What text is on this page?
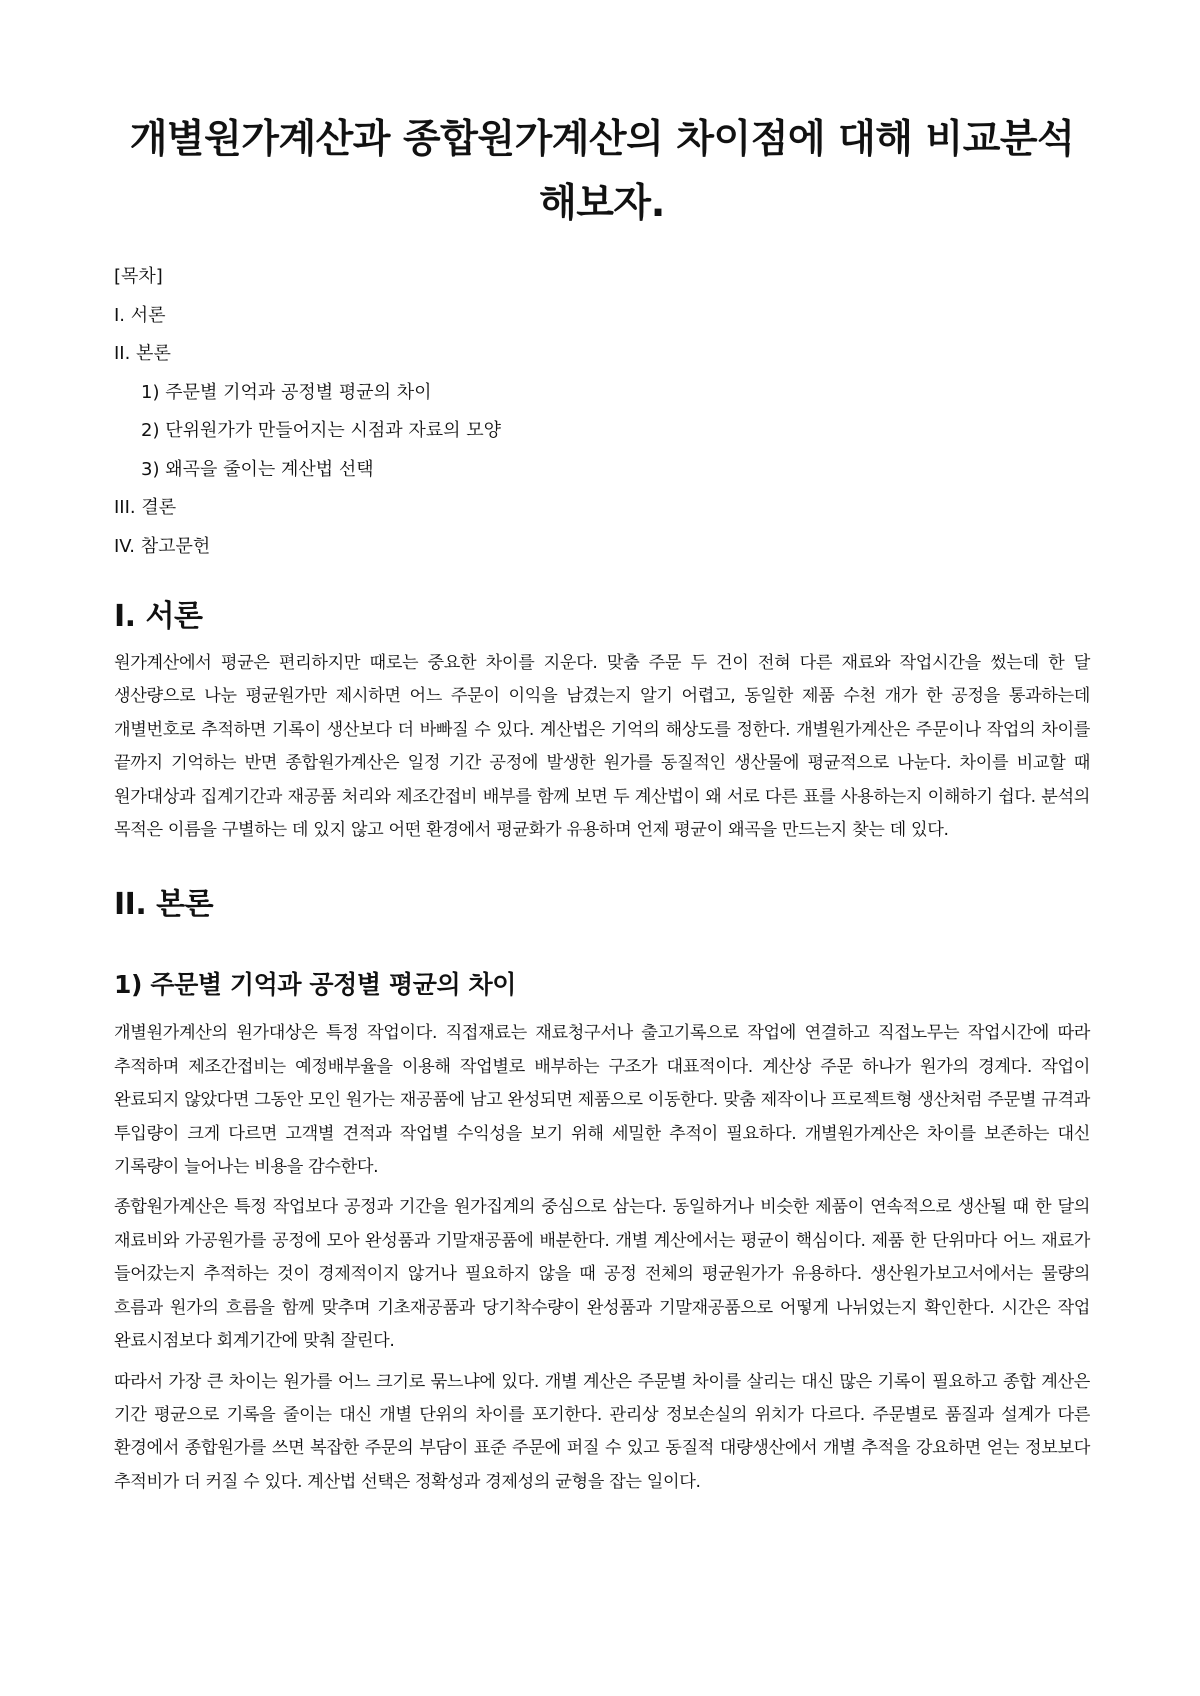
개별원가계산과 종합원가계산의 차이점에 대해 비교분석해보자.
[목차]
I. 서론
II. 본론
1) 주문별 기억과 공정별 평균의 차이
2) 단위원가가 만들어지는 시점과 자료의 모양
3) 왜곡을 줄이는 계산법 선택
III. 결론
IV. 참고문헌
I. 서론

원가계산에서 평균은 편리하지만 때로는 중요한 차이를 지운다. 맞춤 주문 두 건이 전혀 다른 재료와 작업시간을 썼는데 한 달 생산량으로 나눈 평균원가만 제시하면 어느 주문이 이익을 남겼는지 알기 어렵고, 동일한 제품 수천 개가 한 공정을 통과하는데 개별번호로 추적하면 기록이 생산보다 더 바빠질 수 있다. 계산법은 기억의 해상도를 정한다. 개별원가계산은 주문이나 작업의 차이를 끝까지 기억하는 반면 종합원가계산은 일정 기간 공정에 발생한 원가를 동질적인 생산물에 평균적으로 나눈다. 차이를 비교할 때 원가대상과 집계기간과 재공품 처리와 제조간접비 배부를 함께 보면 두 계산법이 왜 서로 다른 표를 사용하는지 이해하기 쉽다. 분석의 목적은 이름을 구별하는 데 있지 않고 어떤 환경에서 평균화가 유용하며 언제 평균이 왜곡을 만드는지 찾는 데 있다.

II. 본론
1) 주문별 기억과 공정별 평균의 차이

개별원가계산의 원가대상은 특정 작업이다. 직접재료는 재료청구서나 출고기록으로 작업에 연결하고 직접노무는 작업시간에 따라 추적하며 제조간접비는 예정배부율을 이용해 작업별로 배부하는 구조가 대표적이다. 계산상 주문 하나가 원가의 경계다. 작업이 완료되지 않았다면 그동안 모인 원가는 재공품에 남고 완성되면 제품으로 이동한다. 맞춤 제작이나 프로젝트형 생산처럼 주문별 규격과 투입량이 크게 다르면 고객별 견적과 작업별 수익성을 보기 위해 세밀한 추적이 필요하다. 개별원가계산은 차이를 보존하는 대신 기록량이 늘어나는 비용을 감수한다.

종합원가계산은 특정 작업보다 공정과 기간을 원가집계의 중심으로 삼는다. 동일하거나 비슷한 제품이 연속적으로 생산될 때 한 달의 재료비와 가공원가를 공정에 모아 완성품과 기말재공품에 배분한다. 개별 계산에서는 평균이 핵심이다. 제품 한 단위마다 어느 재료가 들어갔는지 추적하는 것이 경제적이지 않거나 필요하지 않을 때 공정 전체의 평균원가가 유용하다. 생산원가보고서에서는 물량의 흐름과 원가의 흐름을 함께 맞추며 기초재공품과 당기착수량이 완성품과 기말재공품으로 어떻게 나뉘었는지 확인한다. 시간은 작업 완료시점보다 회계기간에 맞춰 잘린다.

따라서 가장 큰 차이는 원가를 어느 크기로 묶느냐에 있다. 개별 계산은 주문별 차이를 살리는 대신 많은 기록이 필요하고 종합 계산은 기간 평균으로 기록을 줄이는 대신 개별 단위의 차이를 포기한다. 관리상 정보손실의 위치가 다르다. 주문별로 품질과 설계가 다른 환경에서 종합원가를 쓰면 복잡한 주문의 부담이 표준 주문에 퍼질 수 있고 동질적 대량생산에서 개별 추적을 강요하면 얻는 정보보다 추적비가 더 커질 수 있다. 계산법 선택은 정확성과 경제성의 균형을 잡는 일이다.
